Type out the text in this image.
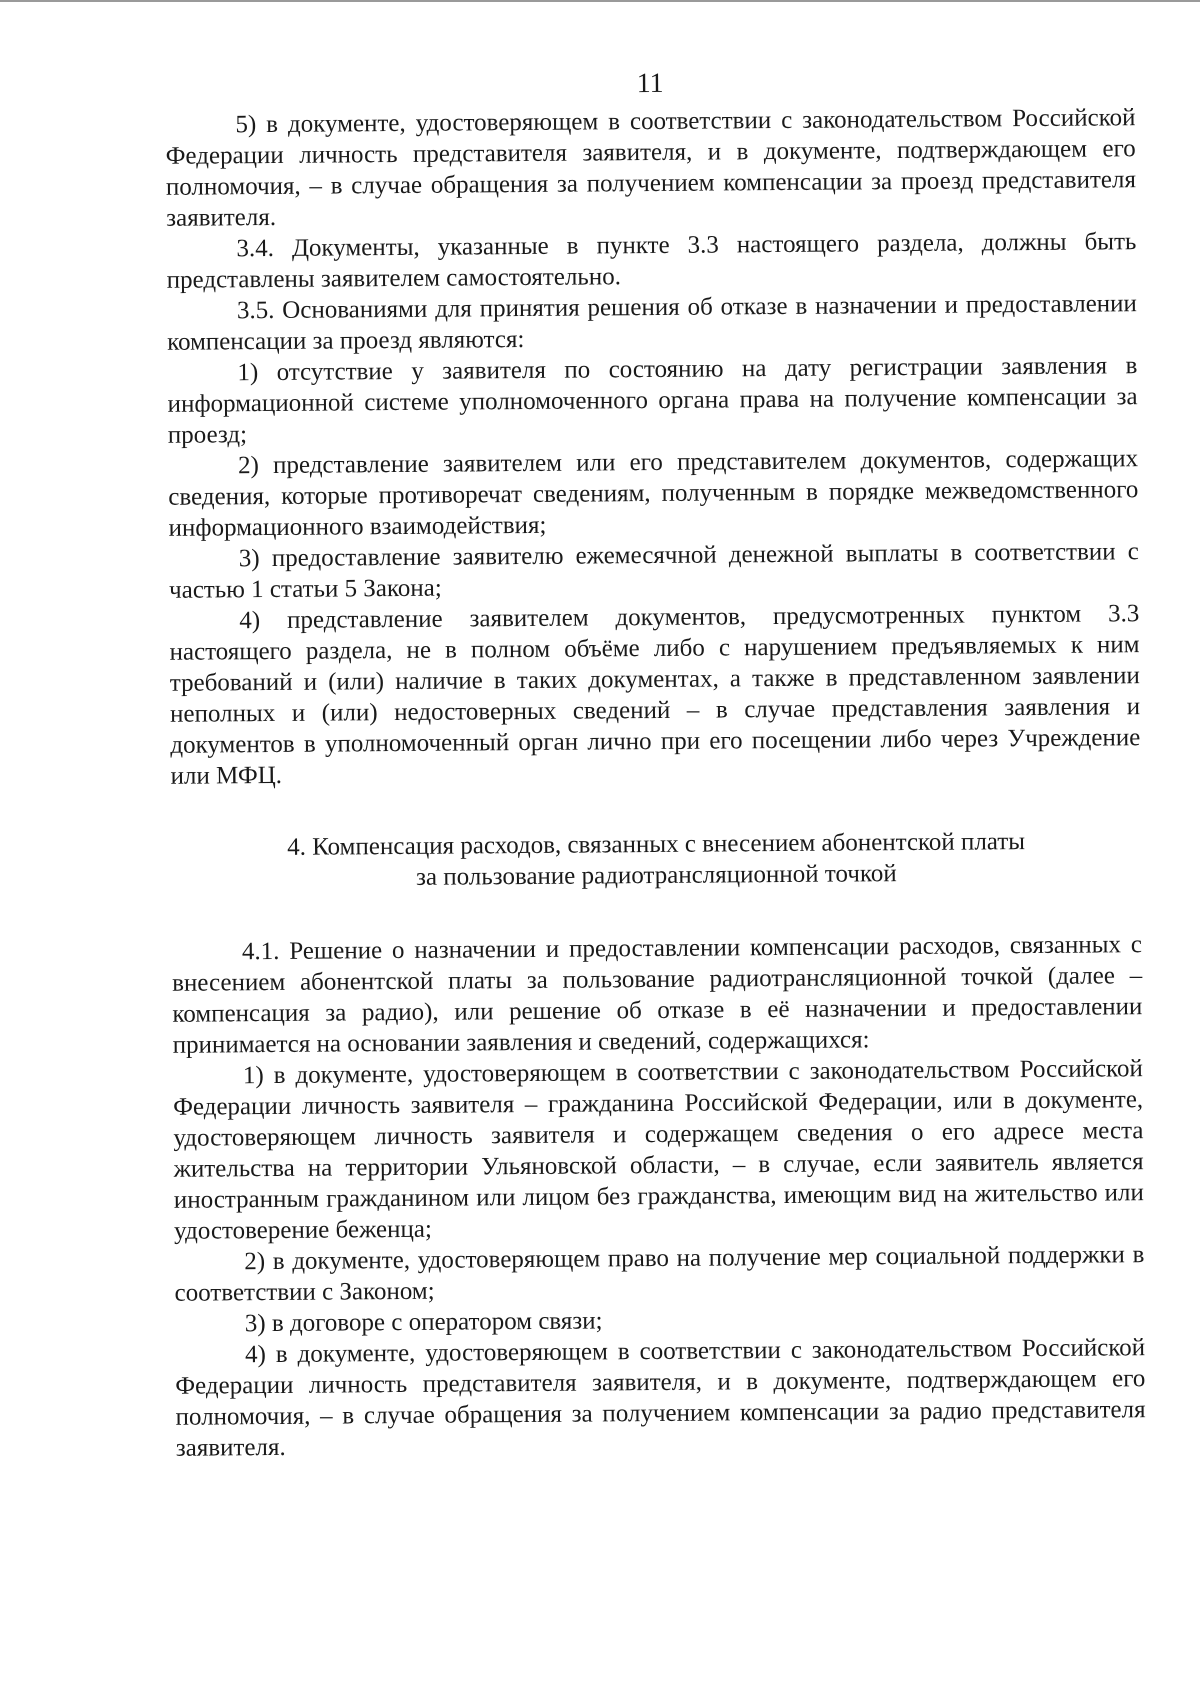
11

5) в документе, удостоверяющем в соответствии с законодательством Российской Федерации личность представителя заявителя, и в документе, подтверждающем его полномочия, – в случае обращения за получением компенсации за проезд представителя заявителя.

3.4. Документы, указанные в пункте 3.3 настоящего раздела, должны быть представлены заявителем самостоятельно.

3.5. Основаниями для принятия решения об отказе в назначении и предоставлении компенсации за проезд являются:

1) отсутствие у заявителя по состоянию на дату регистрации заявления в информационной системе уполномоченного органа права на получение компенсации за проезд;

2) представление заявителем или его представителем документов, содержащих сведения, которые противоречат сведениям, полученным в порядке межведомственного информационного взаимодействия;

3) предоставление заявителю ежемесячной денежной выплаты в соответствии с частью 1 статьи 5 Закона;

4) представление заявителем документов, предусмотренных пунктом 3.3 настоящего раздела, не в полном объёме либо с нарушением предъявляемых к ним требований и (или) наличие в таких документах, а также в представленном заявлении неполных и (или) недостоверных сведений – в случае представления заявления и документов в уполномоченный орган лично при его посещении либо через Учреждение или МФЦ.

4. Компенсация расходов, связанных с внесением абонентской платы
за пользование радиотрансляционной точкой

4.1. Решение о назначении и предоставлении компенсации расходов, связанных с внесением абонентской платы за пользование радиотрансляционной точкой (далее – компенсация за радио), или решение об отказе в её назначении и предоставлении принимается на основании заявления и сведений, содержащихся:

1) в документе, удостоверяющем в соответствии с законодательством Российской Федерации личность заявителя – гражданина Российской Федерации, или в документе, удостоверяющем личность заявителя и содержащем сведения о его адресе места жительства на территории Ульяновской области, – в случае, если заявитель является иностранным гражданином или лицом без гражданства, имеющим вид на жительство или удостоверение беженца;

2) в документе, удостоверяющем право на получение мер социальной поддержки в соответствии с Законом;

3) в договоре с оператором связи;

4) в документе, удостоверяющем в соответствии с законодательством Российской Федерации личность представителя заявителя, и в документе, подтверждающем его полномочия, – в случае обращения за получением компенсации за радио представителя заявителя.
